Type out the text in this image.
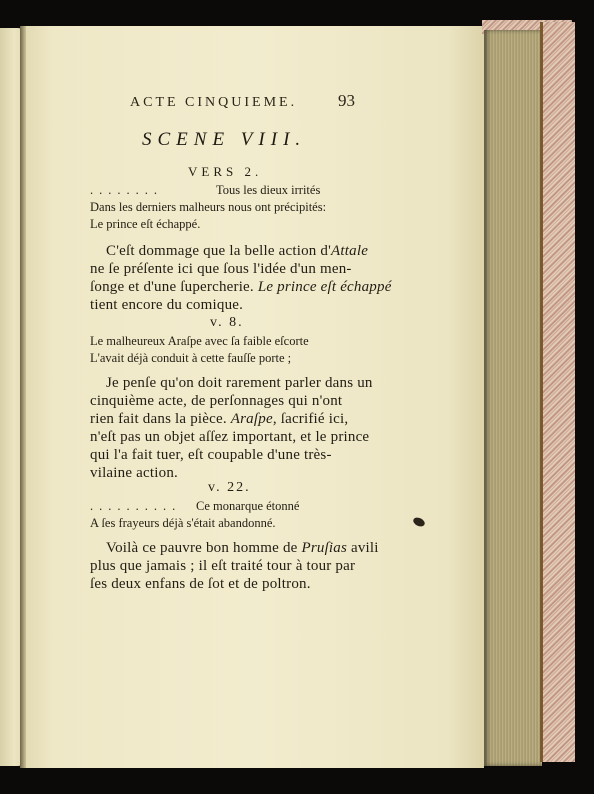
ACTE CINQUIEME. 93
SCENE VIII.
VERS 2.
........	Tous les dieux irrités
Dans les derniers malheurs nous ont précipités:
Le prince eſt échappé.
C'eſt dommage que la belle action d'Attale
ne ſe préſente ici que ſous l'idée d'un men-
ſonge et d'une ſupercherie. Le prince eſt échappé
tient encore du comique.
v. 8.
Le malheureux Araſpe avec ſa faible eſcorte
L'avait déjà conduit à cette fauſſe porte ;
Je penſe qu'on doit rarement parler dans un
cinquième acte, de perſonnages qui n'ont
rien fait dans la pièce. Araſpe, ſacrifié ici,
n'eſt pas un objet aſſez important, et le prince
qui l'a fait tuer, eſt coupable d'une très-
vilaine action.
v. 22.
.......... Ce monarque étonné
A ſes frayeurs déjà s'était abandonné.
Voilà ce pauvre bon homme de Pruſias avili
plus que jamais ; il eſt traité tour à tour par
ſes deux enfans de ſot et de poltron.
